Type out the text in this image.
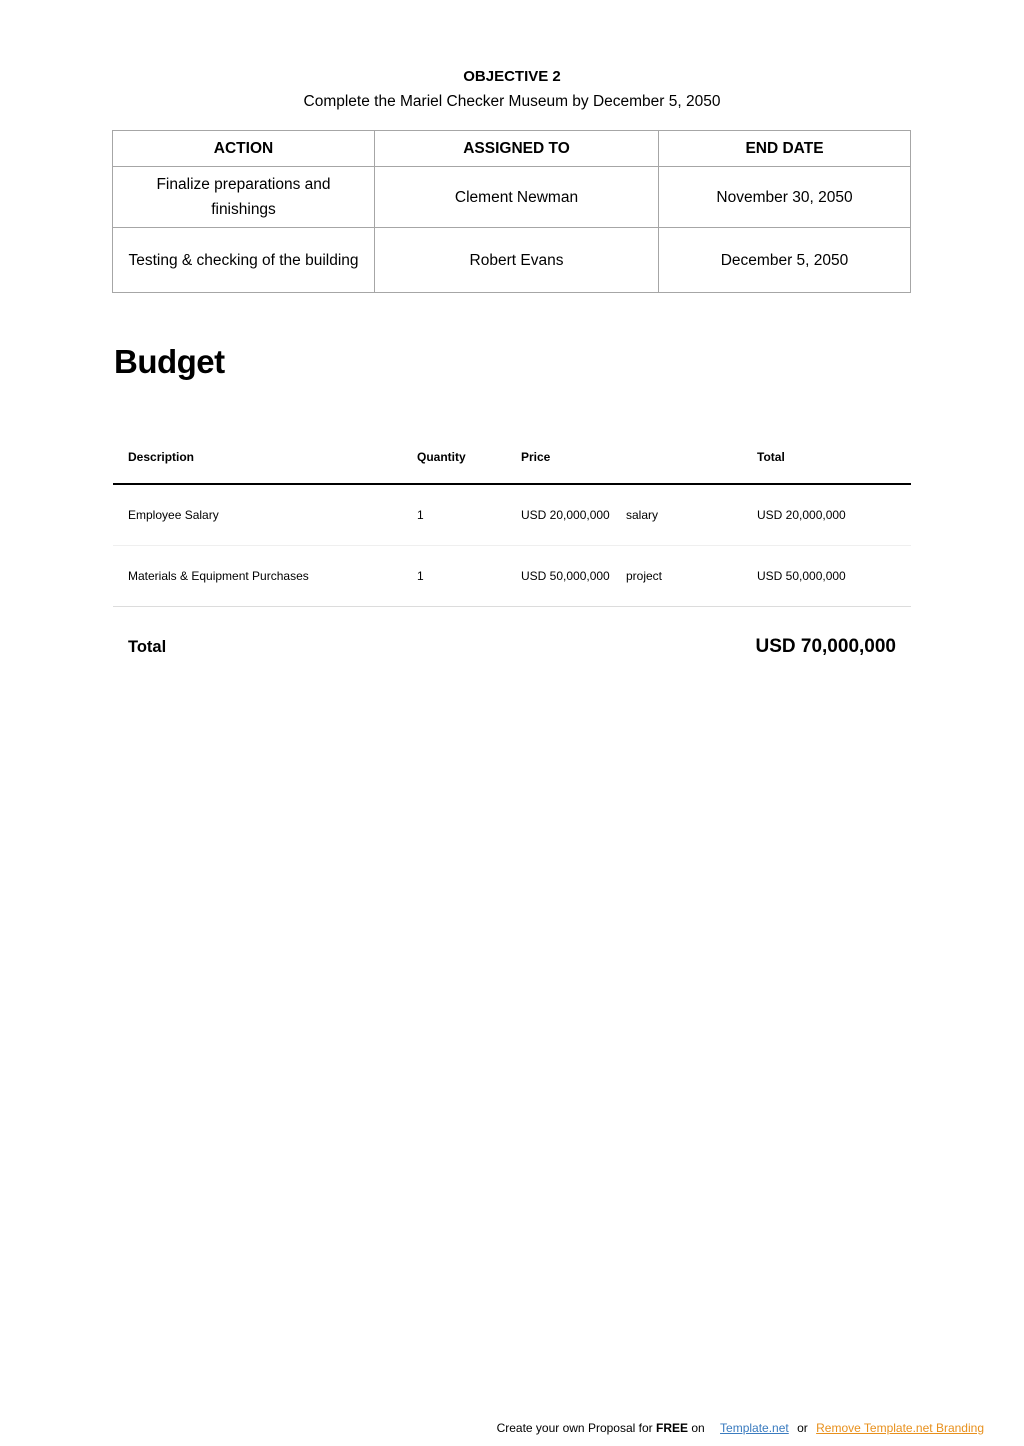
OBJECTIVE 2
Complete the Mariel Checker Museum by December 5, 2050
ACTION	ASSIGNED TO	END DATE
Finalize preparations and finishings	Clement Newman	November 30, 2050
Testing & checking of the building	Robert Evans	December 5, 2050
Budget
Description	Quantity	Price	Total
Employee Salary	1	USD 20,000,000 salary	USD 20,000,000
Materials & Equipment Purchases	1	USD 50,000,000 project	USD 50,000,000
Total	USD 70,000,000
Create your own Proposal for FREE on Template.net or Remove Template.net Branding
